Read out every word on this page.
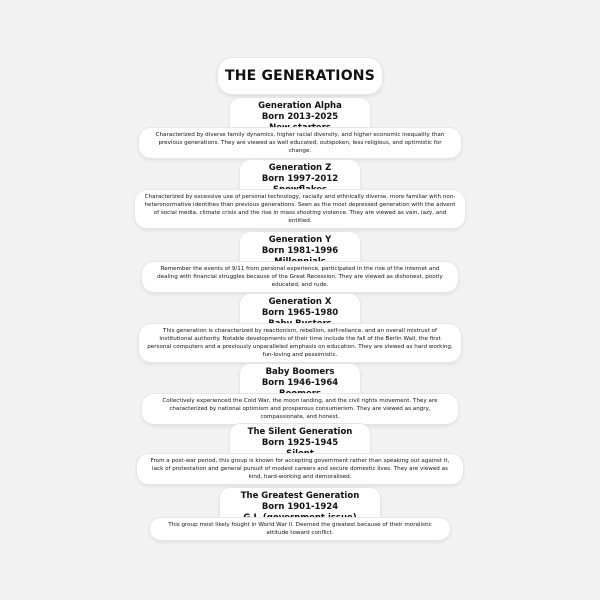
THE GENERATIONS
Generation Alpha
Born 2013-2025
Characterized by diverse family dynamics, higher racial diversity, and higher economic inequality than previous generations. They are viewed as well educated, outspoken, less religious, and optimistic for change.
Generation Z
Born 1997-2012
Characterized by excessive use of personal technology, racially and ethnically diverse, more familiar with non-heteronormative identities than previous generations. Seen as the most depressed generation with the advent of social media, climate crisis and the rise in mass shooting violence. They are viewed as vain, lazy, and entitled.
Generation Y
Born 1981-1996
Remember the events of 9/11 from personal experience, participated in the rise of the internet and dealing with financial struggles because of the Great Recession. They are viewed as dishonest, poorly educated, and rude.
Generation X
Born 1965-1980
This generation is characterized by reactionism, rebellion, self-reliance, and an overall mistrust of institutional authority. Notable developments of their time include the fall of the Berlin Wall, the first personal computers and a previously unparalleled emphasis on education. They are viewed as hard working, fun-loving and pessimistic.
Baby Boomers
Born 1946-1964
Collectively experienced the Cold War, the moon landing, and the civil rights movement. They are characterized by national optimism and prosperous consumerism. They are viewed as angry, compassionate, and honest.
The Silent Generation
Born 1925-1945
From a post-war period, this group is known for accepting government rather than speaking out against it, lack of protestation and general pursuit of modest careers and secure domestic lives. They are viewed as kind, hard-working and demoralised.
The Greatest Generation
Born 1901-1924
This group most likely fought in World War II. Deemed the greatest because of their moralistic attitude toward conflict.
